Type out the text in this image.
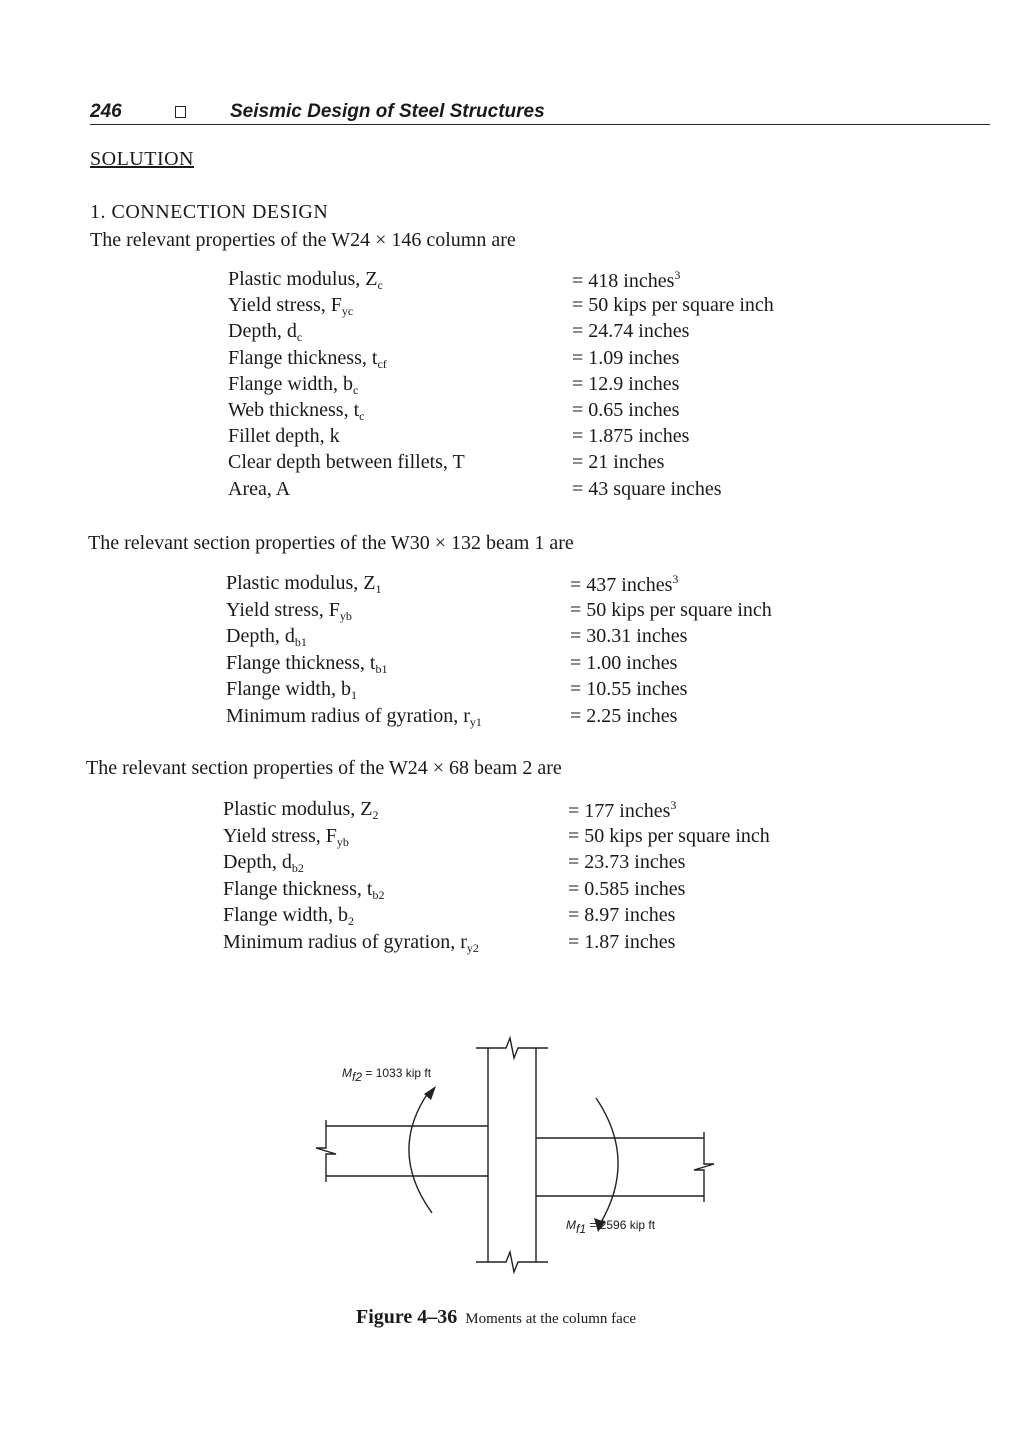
246	Seismic Design of Steel Structures
SOLUTION
1. CONNECTION DESIGN
The relevant properties of the W24 × 146 column are
Plastic modulus, $Z_c$	= 418 inches$^3$
Yield stress, $F_{yc}$	= 50 kips per square inch
Depth, $d_c$	= 24.74 inches
Flange thickness, $t_{cf}$	= 1.09 inches
Flange width, $b_c$	= 12.9 inches
Web thickness, $t_c$	= 0.65 inches
Fillet depth, k	= 1.875 inches
Clear depth between fillets, T	= 21 inches
Area, A	= 43 square inches
The relevant section properties of the W30 × 132 beam 1 are
Plastic modulus, $Z_1$	= 437 inches$^3$
Yield stress, $F_{yb}$	= 50 kips per square inch
Depth, $d_{b1}$	= 30.31 inches
Flange thickness, $t_{b1}$	= 1.00 inches
Flange width, $b_1$	= 10.55 inches
Minimum radius of gyration, $r_{y1}$	= 2.25 inches
The relevant section properties of the W24 × 68 beam 2 are
Plastic modulus, $Z_2$	= 177 inches$^3$
Yield stress, $F_{yb}$	= 50 kips per square inch
Depth, $d_{b2}$	= 23.73 inches
Flange thickness, $t_{b2}$	= 0.585 inches
Flange width, $b_2$	= 8.97 inches
Minimum radius of gyration, $r_{y2}$	= 1.87 inches
$M_{f2} = 1033$ kip ft
$M_{f1} = 2596$ kip ft
Figure 4–36 Moments at the column face
